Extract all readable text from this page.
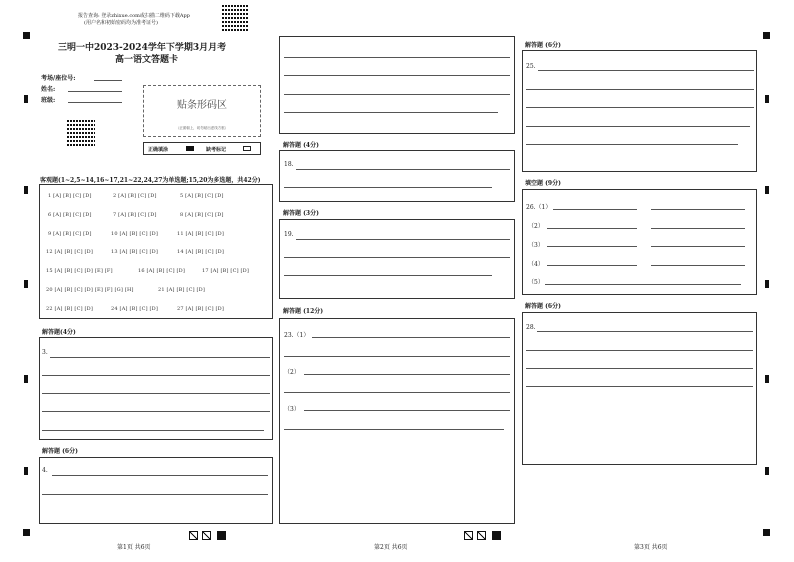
报告查询: 登录zhixue.com或扫描二维码下载App
(用户名和初始密码均为准考证号)
三明一中2023-2024学年下学期3月月考
高一语文答题卡
考场/座位号:
姓名:
班级:	贴条形码区
（正面朝上，切勿贴出虚线方框）
正确填涂	缺考标记
客观题(1~2,5~14,16~17,21~22,24,27为单选题;15,20为多选题，共42分)
1 [A] [B] [C] [D]	2 [A] [B] [C] [D]	5 [A] [B] [C] [D]
6 [A] [B] [C] [D]	7 [A] [B] [C] [D]	8 [A] [B] [C] [D]
9 [A] [B] [C] [D]	10 [A] [B] [C] [D]	11 [A] [B] [C] [D]
12 [A] [B] [C] [D]	13 [A] [B] [C] [D]	14 [A] [B] [C] [D]
15 [A] [B] [C] [D] [E] [F]	16 [A] [B] [C] [D]	17 [A] [B] [C] [D]
20 [A] [B] [C] [D] [E] [F] [G] [H]	21 [A] [B] [C] [D]
22 [A] [B] [C] [D]	24 [A] [B] [C] [D]	27 [A] [B] [C] [D]
解答题(4分)
3.
解答题 (6分)
4.
解答题 (4分)
18.
解答题 (3分)
19.
解答题 (12分)
23.（1）
（2）
（3）
解答题 (6分)
25.
填空题 (9分)
26.（1）
（2）
（3）
（4）
（5）
解答题 (6分)
28.
第1页 共6页	第2页 共6页	第3页 共6页
